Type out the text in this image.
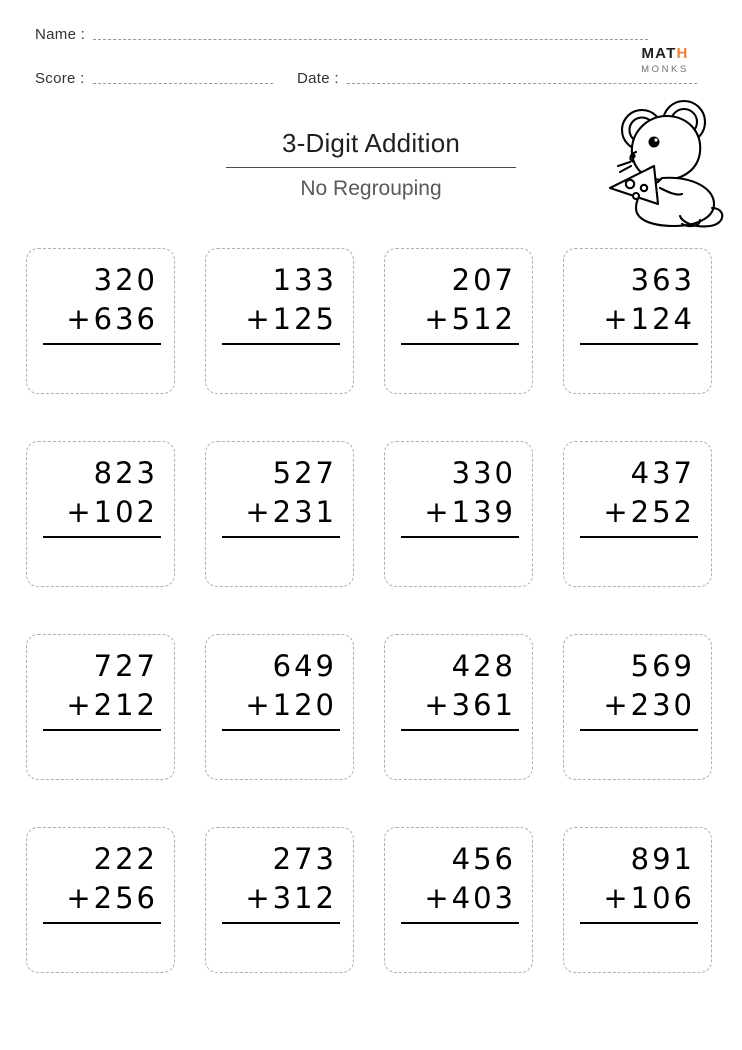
Name :
Score :	Date :
MATH
MONKS
3-Digit Addition
No Regrouping
320
+636
133
+125
207
+512
363
+124
823
+102
527
+231
330
+139
437
+252
727
+212
649
+120
428
+361
569
+230
222
+256
273
+312
456
+403
891
+106
